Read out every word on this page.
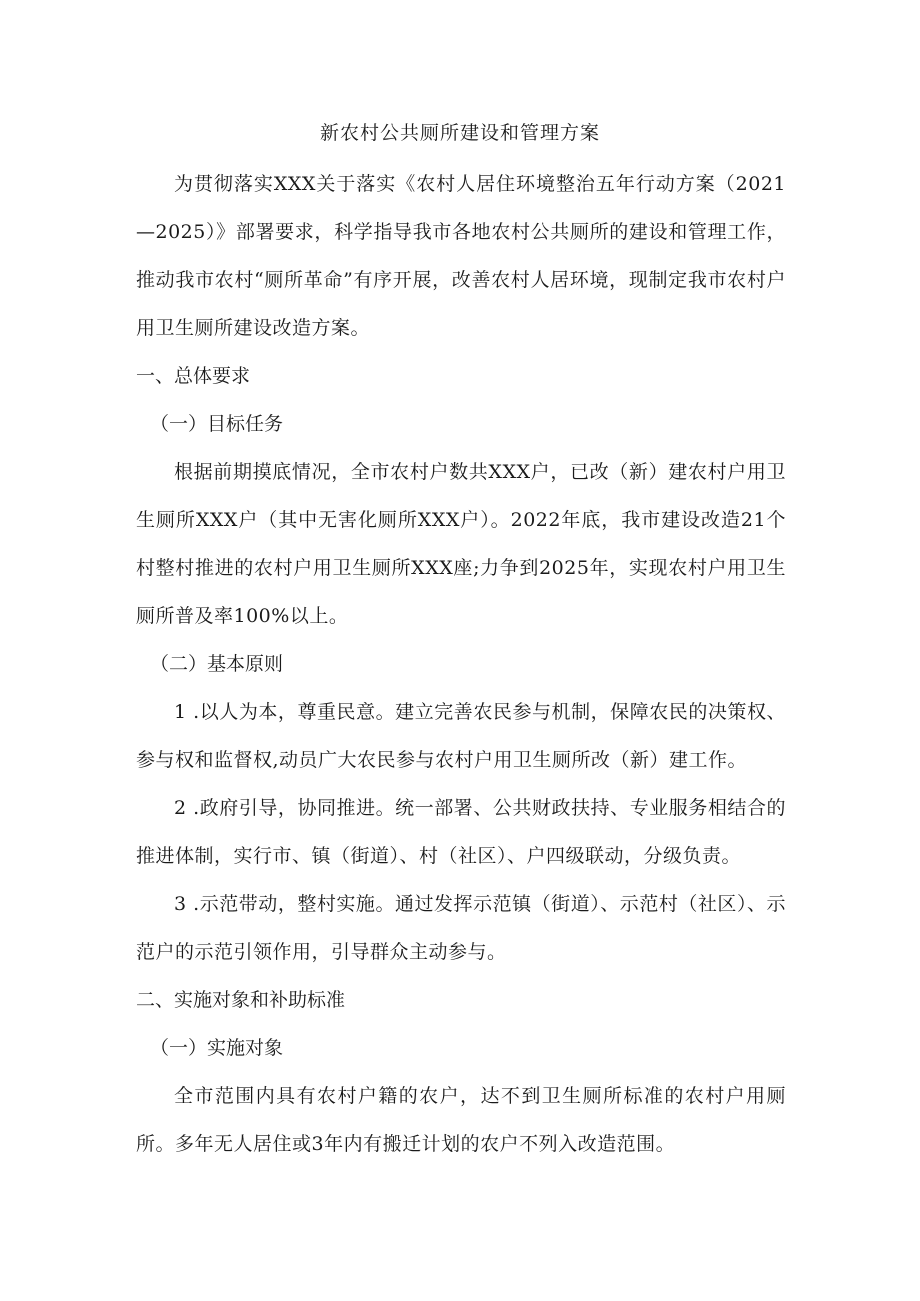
新农村公共厕所建设和管理方案

为贯彻落实XXX关于落实《农村人居住环境整治五年行动方案（2021—2025）》部署要求，科学指导我市各地农村公共厕所的建设和管理工作，推动我市农村“厕所革命”有序开展，改善农村人居环境，现制定我市农村户用卫生厕所建设改造方案。

一、总体要求

（一）目标任务

根据前期摸底情况，全市农村户数共XXX户，已改（新）建农村户用卫生厕所XXX户（其中无害化厕所XXX户）。2022年底，我市建设改造21个村整村推进的农村户用卫生厕所XXX座;力争到2025年，实现农村户用卫生厕所普及率100%以上。

（二）基本原则

1 .以人为本，尊重民意。建立完善农民参与机制，保障农民的决策权、参与权和监督权,动员广大农民参与农村户用卫生厕所改（新）建工作。

2 .政府引导，协同推进。统一部署、公共财政扶持、专业服务相结合的推进体制，实行市、镇（街道）、村（社区）、户四级联动，分级负责。

3 .示范带动，整村实施。通过发挥示范镇（街道）、示范村（社区）、示范户的示范引领作用，引导群众主动参与。

二、实施对象和补助标准

（一）实施对象

全市范围内具有农村户籍的农户，达不到卫生厕所标准的农村户用厕所。多年无人居住或3年内有搬迁计划的农户不列入改造范围。
